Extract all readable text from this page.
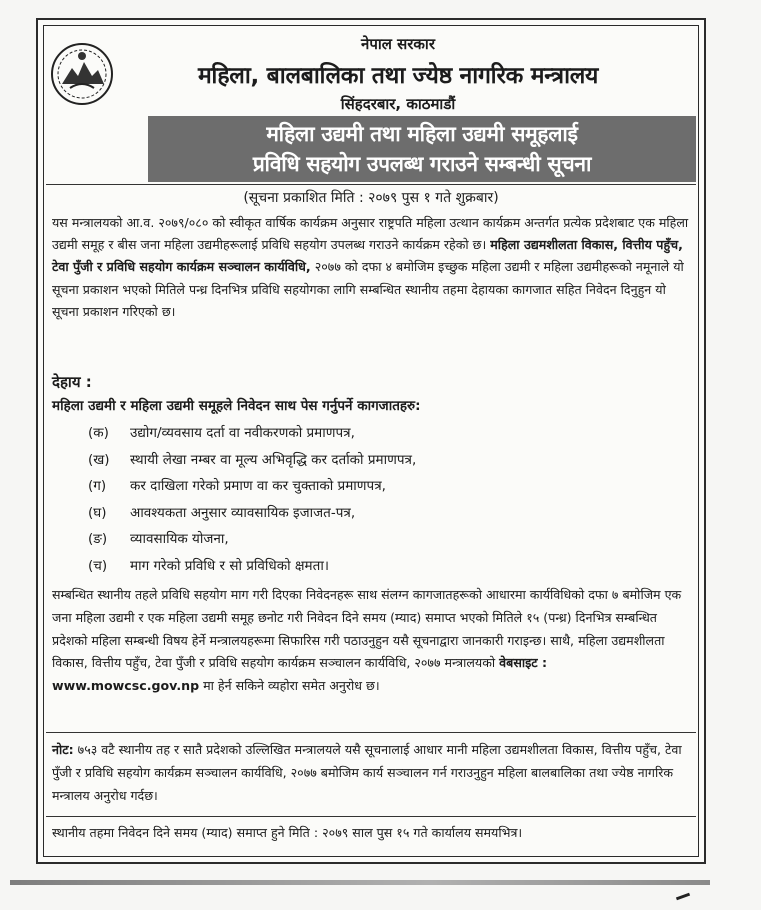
नेपाल सरकार
महिला, बालबालिका तथा ज्येष्ठ नागरिक मन्त्रालय
सिंहदरबार, काठमाडौं
महिला उद्यमी तथा महिला उद्यमी समूहलाई
प्रविधि सहयोग उपलब्ध गराउने सम्बन्धी सूचना
(सूचना प्रकाशित मिति : २०७९ पुस १ गते शुक्रबार)
यस मन्त्रालयको आ.व. २०७९/०८० को स्वीकृत वार्षिक कार्यक्रम अनुसार राष्ट्रपति महिला उत्थान कार्यक्रम अन्तर्गत प्रत्येक प्रदेशबाट एक महिला उद्यमी समूह र बीस जना महिला उद्यमीहरूलाई प्रविधि सहयोग उपलब्ध गराउने कार्यक्रम रहेको छ। महिला उद्यमशीलता विकास, वित्तीय पहुँच, टेवा पुँजी र प्रविधि सहयोग कार्यक्रम सञ्चालन कार्यविधि, २०७७ को दफा ४ बमोजिम इच्छुक महिला उद्यमी र महिला उद्यमीहरूको नमूनाले यो सूचना प्रकाशन भएको मितिले पन्ध्र दिनभित्र प्रविधि सहयोगका लागि सम्बन्धित स्थानीय तहमा देहायका कागजात सहित निवेदन दिनुहुन यो सूचना प्रकाशन गरिएको छ।
देहाय :
महिला उद्यमी र महिला उद्यमी समूहले निवेदन साथ पेस गर्नुपर्ने कागजातहरु:
(क) उद्योग/व्यवसाय दर्ता वा नवीकरणको प्रमाणपत्र,
(ख) स्थायी लेखा नम्बर वा मूल्य अभिवृद्धि कर दर्ताको प्रमाणपत्र,
(ग) कर दाखिला गरेको प्रमाण वा कर चुक्ताको प्रमाणपत्र,
(घ) आवश्यकता अनुसार व्यावसायिक इजाजत-पत्र,
(ङ) व्यावसायिक योजना,
(च) माग गरेको प्रविधि र सो प्रविधिको क्षमता।
सम्बन्धित स्थानीय तहले प्रविधि सहयोग माग गरी दिएका निवेदनहरू साथ संलग्न कागजातहरूको आधारमा कार्यविधिको दफा ७ बमोजिम एक जना महिला उद्यमी र एक महिला उद्यमी समूह छनोट गरी निवेदन दिने समय (म्याद) समाप्त भएको मितिले १५ (पन्ध्र) दिनभित्र सम्बन्धित प्रदेशको महिला सम्बन्धी विषय हेर्ने मन्त्रालयहरूमा सिफारिस गरी पठाउनुहुन यसै सूचनाद्वारा जानकारी गराइन्छ। साथै, महिला उद्यमशीलता विकास, वित्तीय पहुँच, टेवा पुँजी र प्रविधि सहयोग कार्यक्रम सञ्चालन कार्यविधि, २०७७ मन्त्रालयको वेबसाइट : www.mowcsc.gov.np मा हेर्न सकिने व्यहोरा समेत अनुरोध छ।
नोट: ७५३ वटै स्थानीय तह र सातै प्रदेशको उल्लिखित मन्त्रालयले यसै सूचनालाई आधार मानी महिला उद्यमशीलता विकास, वित्तीय पहुँच, टेवा पुँजी र प्रविधि सहयोग कार्यक्रम सञ्चालन कार्यविधि, २०७७ बमोजिम कार्य सञ्चालन गर्न गराउनुहुन महिला बालबालिका तथा ज्येष्ठ नागरिक मन्त्रालय अनुरोध गर्दछ।
स्थानीय तहमा निवेदन दिने समय (म्याद) समाप्त हुने मिति : २०७९ साल पुस १५ गते कार्यालय समयभित्र।
